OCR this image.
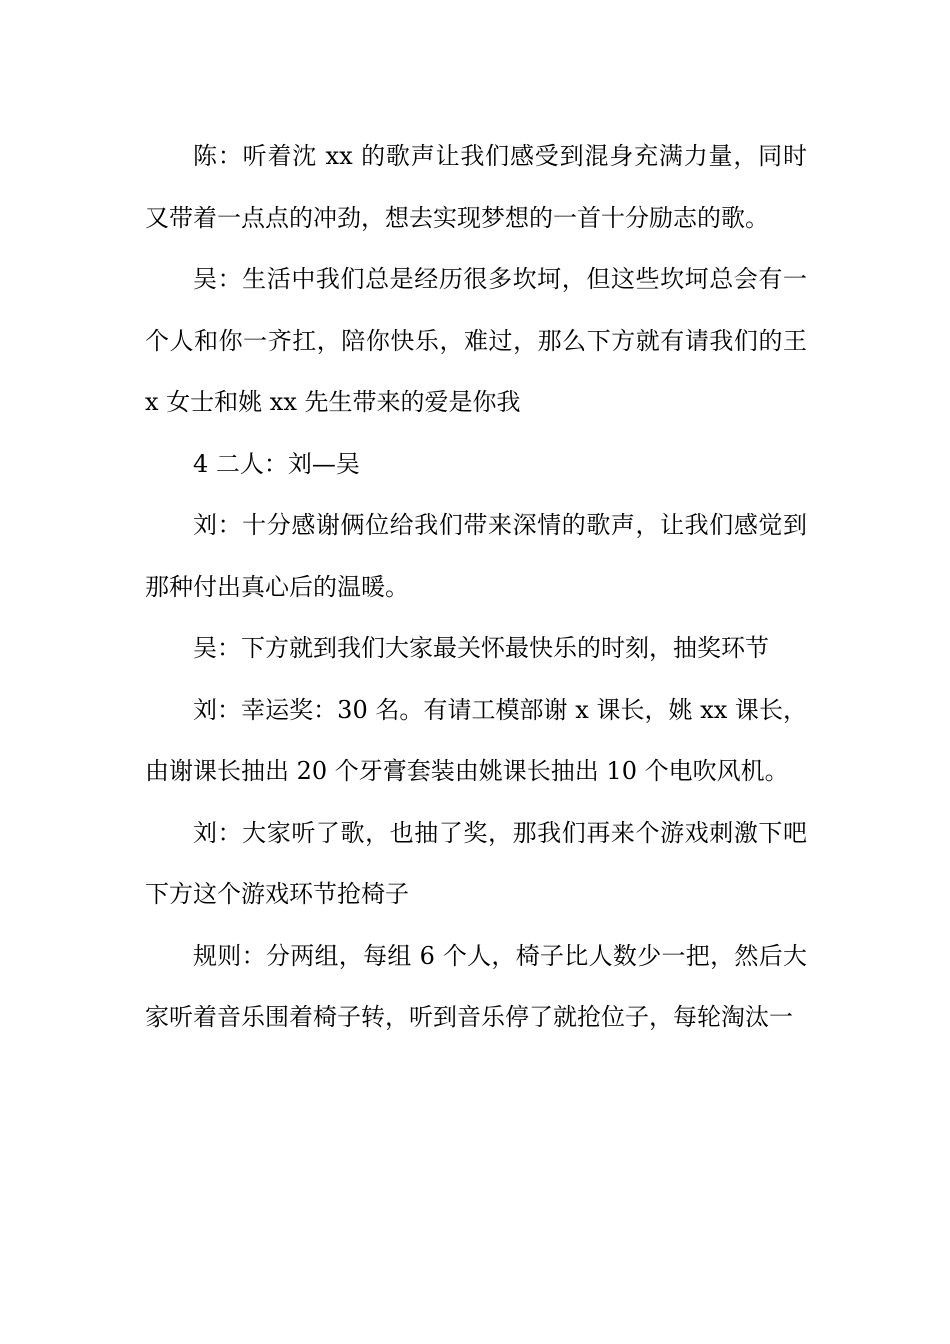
陈：听着沈 xx 的歌声让我们感受到混身充满力量，同时又带着一点点的冲劲，想去实现梦想的一首十分励志的歌。

吴：生活中我们总是经历很多坎坷，但这些坎坷总会有一个人和你一齐扛，陪你快乐，难过，那么下方就有请我们的王 x 女士和姚 xx 先生带来的爱是你我

4 二人：刘—吴

刘：十分感谢俩位给我们带来深情的歌声，让我们感觉到那种付出真心后的温暖。

吴：下方就到我们大家最关怀最快乐的时刻，抽奖环节

刘：幸运奖：30 名。有请工模部谢 x 课长，姚 xx 课长，由谢课长抽出 20 个牙膏套装由姚课长抽出 10 个电吹风机。

刘：大家听了歌，也抽了奖，那我们再来个游戏刺激下吧下方这个游戏环节抢椅子

规则：分两组，每组 6 个人，椅子比人数少一把，然后大家听着音乐围着椅子转，听到音乐停了就抢位子，每轮淘汰一
